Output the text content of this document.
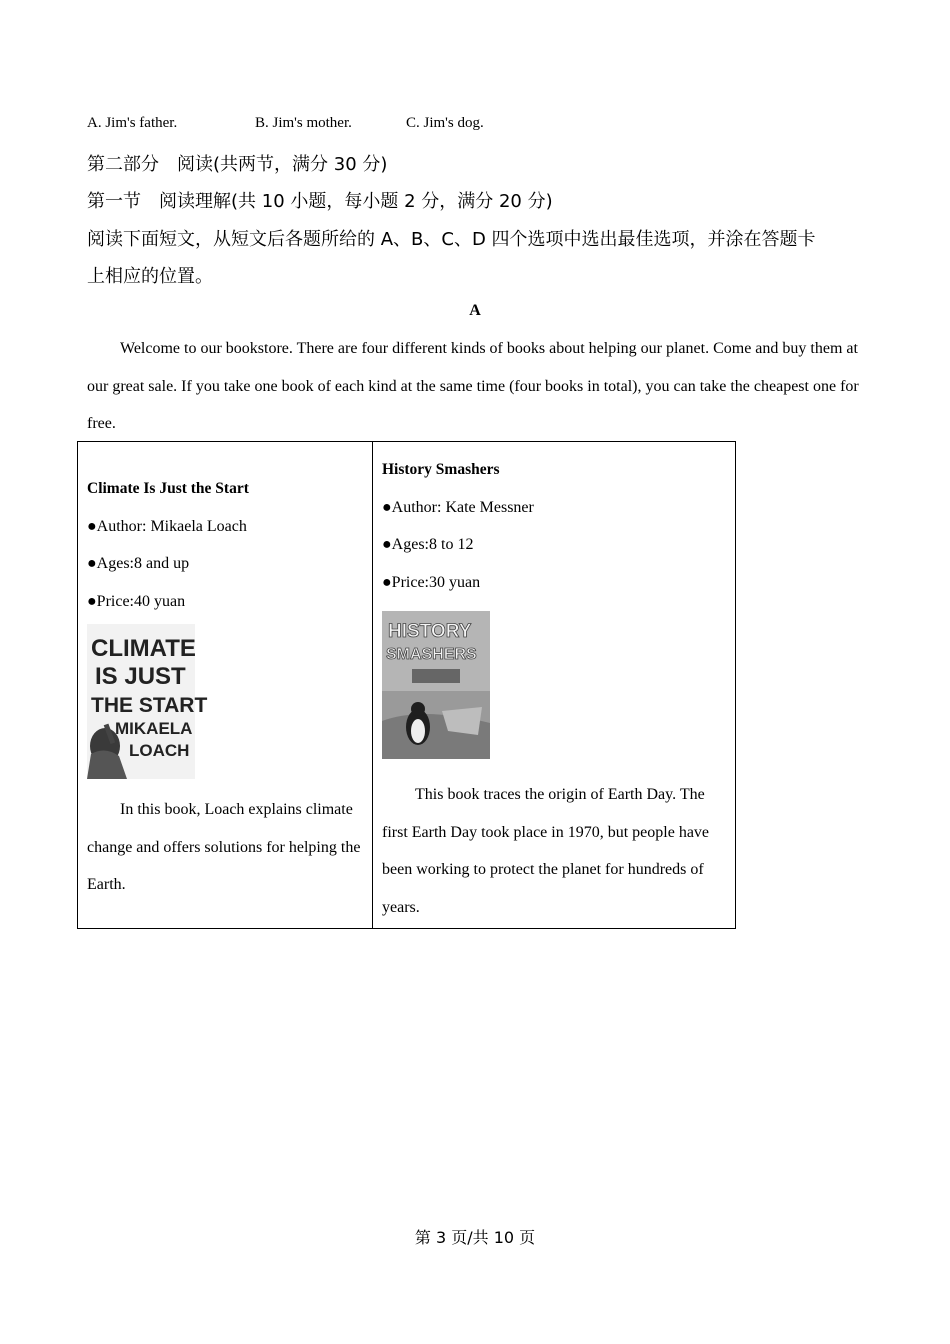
A. Jim's father.	B. Jim's mother.	C. Jim's dog.
第二部分　阅读(共两节，满分 30 分)
第一节　阅读理解(共 10 小题，每小题 2 分，满分 20 分)
阅读下面短文，从短文后各题所给的 A、B、C、D 四个选项中选出最佳选项，并涂在答题卡
上相应的位置。
A
Welcome to our bookstore. There are four different kinds of books about helping our planet. Come and buy them at our great sale. If you take one book of each kind at the same time (four books in total), you can take the cheapest one for free.
Climate Is Just the Start
●Author: Mikaela Loach
●Ages:8 and up
●Price:40 yuan
CLIMATE
IS JUST
THE START
MIKAELA
LOACH
In this book, Loach explains climate change and offers solutions for helping the Earth.

History Smashers
●Author: Kate Messner
●Ages:8 to 12
●Price:30 yuan
HISTORY
SMASHERS
This book traces the origin of Earth Day. The first Earth Day took place in 1970, but people have been working to protect the planet for hundreds of years.
第 3 页/共 10 页
